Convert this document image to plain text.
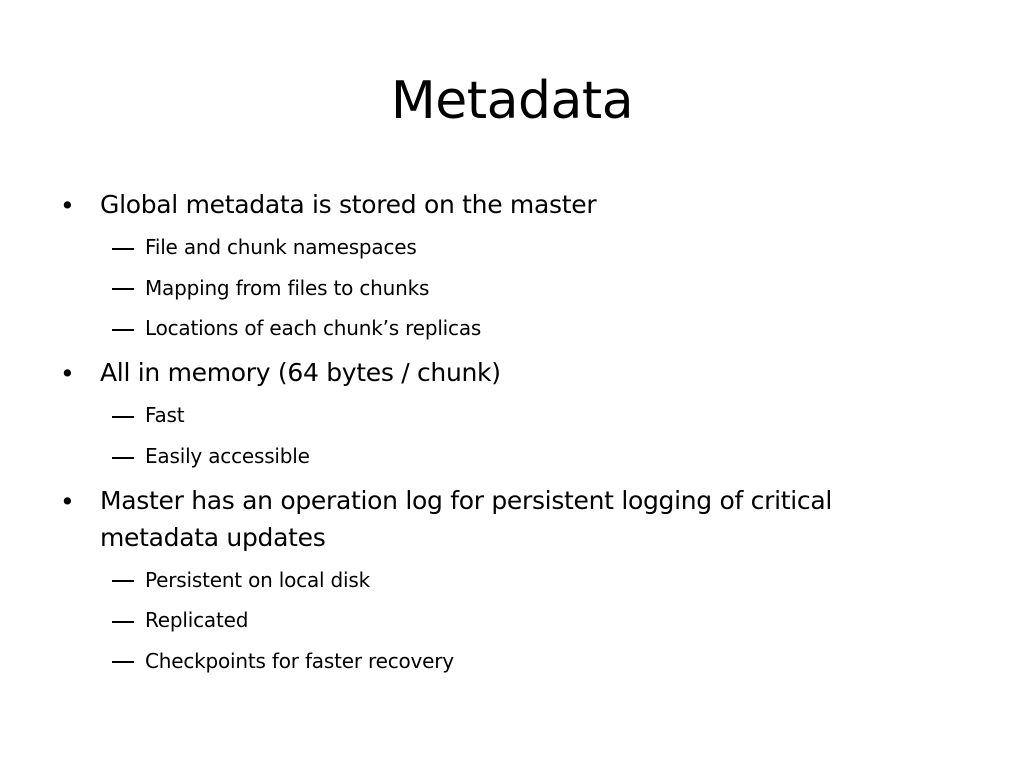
Metadata
• Global metadata is stored on the master
File and chunk namespaces
Mapping from files to chunks
Locations of each chunk’s replicas
• All in memory (64 bytes / chunk)
Fast
Easily accessible
• Master has an operation log for persistent logging of critical metadata updates
Persistent on local disk
Replicated
Checkpoints for faster recovery
